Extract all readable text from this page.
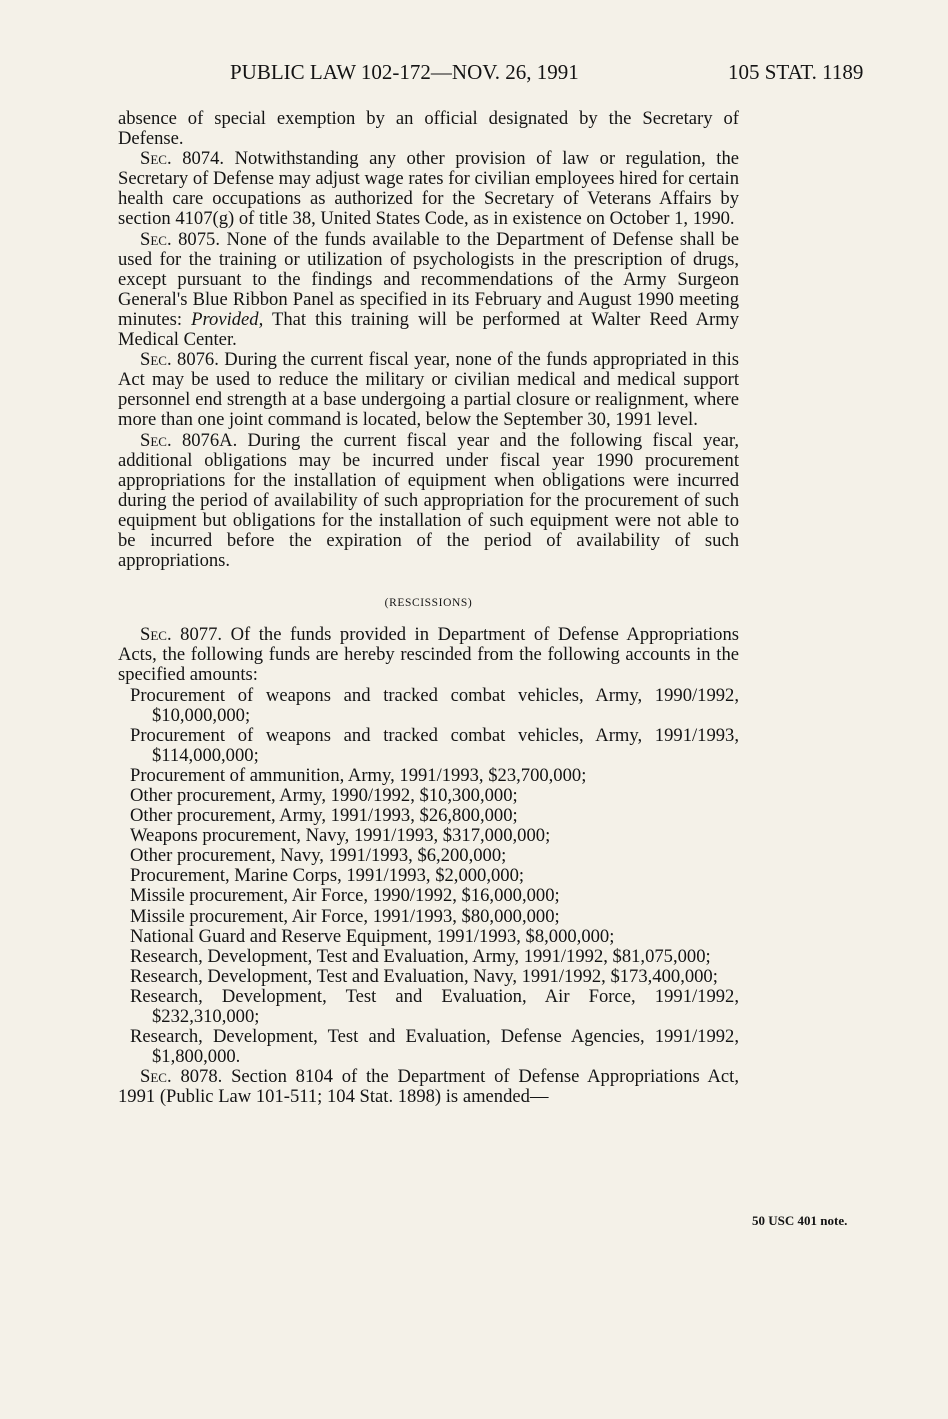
PUBLIC LAW 102-172—NOV. 26, 1991	105 STAT. 1189

absence of special exemption by an official designated by the Secretary of Defense.

Sec. 8074. Notwithstanding any other provision of law or regulation, the Secretary of Defense may adjust wage rates for civilian employees hired for certain health care occupations as authorized for the Secretary of Veterans Affairs by section 4107(g) of title 38, United States Code, as in existence on October 1, 1990.

Sec. 8075. None of the funds available to the Department of Defense shall be used for the training or utilization of psychologists in the prescription of drugs, except pursuant to the findings and recommendations of the Army Surgeon General's Blue Ribbon Panel as specified in its February and August 1990 meeting minutes: Provided, That this training will be performed at Walter Reed Army Medical Center.

Sec. 8076. During the current fiscal year, none of the funds appropriated in this Act may be used to reduce the military or civilian medical and medical support personnel end strength at a base undergoing a partial closure or realignment, where more than one joint command is located, below the September 30, 1991 level.

Sec. 8076A. During the current fiscal year and the following fiscal year, additional obligations may be incurred under fiscal year 1990 procurement appropriations for the installation of equipment when obligations were incurred during the period of availability of such appropriation for the procurement of such equipment but obligations for the installation of such equipment were not able to be incurred before the expiration of the period of availability of such appropriations.

(RESCISSIONS)

Sec. 8077. Of the funds provided in Department of Defense Appropriations Acts, the following funds are hereby rescinded from the following accounts in the specified amounts:

Procurement of weapons and tracked combat vehicles, Army, 1990/1992, $10,000,000;

Procurement of weapons and tracked combat vehicles, Army, 1991/1993, $114,000,000;

Procurement of ammunition, Army, 1991/1993, $23,700,000;

Other procurement, Army, 1990/1992, $10,300,000;

Other procurement, Army, 1991/1993, $26,800,000;

Weapons procurement, Navy, 1991/1993, $317,000,000;

Other procurement, Navy, 1991/1993, $6,200,000;

Procurement, Marine Corps, 1991/1993, $2,000,000;

Missile procurement, Air Force, 1990/1992, $16,000,000;

Missile procurement, Air Force, 1991/1993, $80,000,000;

National Guard and Reserve Equipment, 1991/1993, $8,000,000;

Research, Development, Test and Evaluation, Army, 1991/1992, $81,075,000;

Research, Development, Test and Evaluation, Navy, 1991/1992, $173,400,000;

Research, Development, Test and Evaluation, Air Force, 1991/1992, $232,310,000;

Research, Development, Test and Evaluation, Defense Agencies, 1991/1992, $1,800,000.

Sec. 8078. Section 8104 of the Department of Defense Appropriations Act, 1991 (Public Law 101-511; 104 Stat. 1898) is amended—

50 USC 401 note.
